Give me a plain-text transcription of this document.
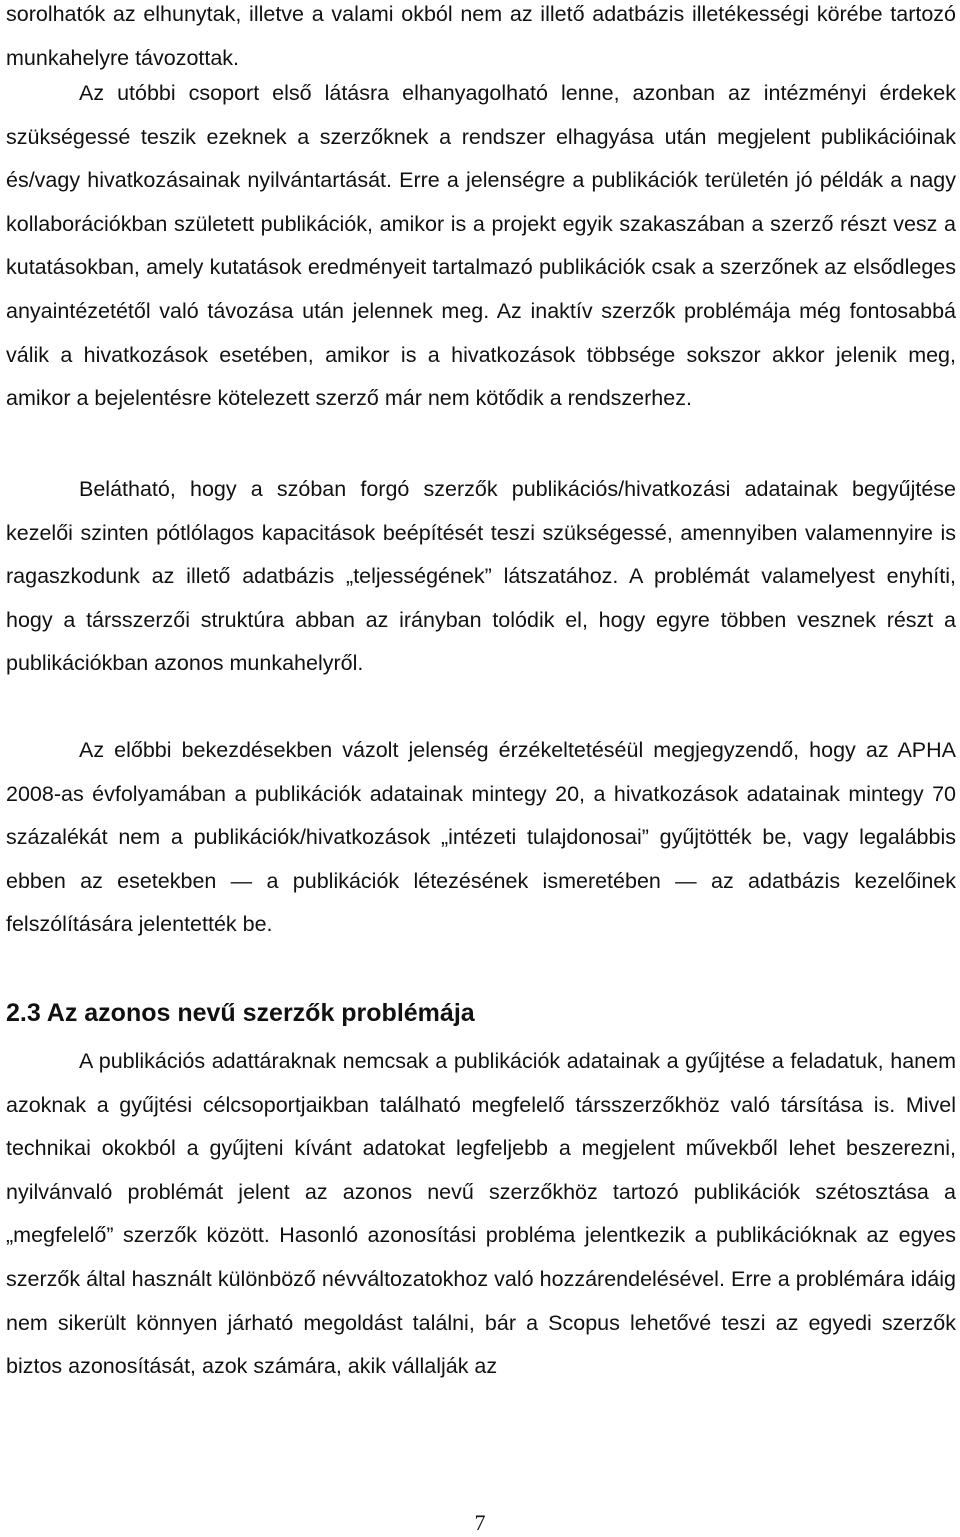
sorolhatók az elhunytak, illetve a valami okból nem az illető adatbázis illetékességi körébe tartozó munkahelyre távozottak.

Az utóbbi csoport első látásra elhanyagolható lenne, azonban az intézményi érdekek szükségessé teszik ezeknek a szerzőknek a rendszer elhagyása után megjelent publikációinak és/vagy hivatkozásainak nyilvántartását. Erre a jelenségre a publikációk területén jó példák a nagy kollaborációkban született publikációk, amikor is a projekt egyik szakaszában a szerző részt vesz a kutatásokban, amely kutatások eredményeit tartalmazó publikációk csak a szerzőnek az elsődleges anyaintézetétől való távozása után jelennek meg. Az inaktív szerzők problémája még fontosabbá válik a hivatkozások esetében, amikor is a hivatkozások többsége sokszor akkor jelenik meg, amikor a bejelentésre kötelezett szerző már nem kötődik a rendszerhez.

Belátható, hogy a szóban forgó szerzők publikációs/hivatkozási adatainak begyűjtése kezelői szinten pótlólagos kapacitások beépítését teszi szükségessé, amennyiben valamennyire is ragaszkodunk az illető adatbázis „teljességének” látszatához. A problémát valamelyest enyhíti, hogy a társszerzői struktúra abban az irányban tolódik el, hogy egyre többen vesznek részt a publikációkban azonos munkahelyről.

Az előbbi bekezdésekben vázolt jelenség érzékeltetéséül megjegyzendő, hogy az APHA 2008-as évfolyamában a publikációk adatainak mintegy 20, a hivatkozások adatainak mintegy 70 százalékát nem a publikációk/hivatkozások „intézeti tulajdonosai” gyűjtötték be, vagy legalábbis ebben az esetekben — a publikációk létezésének ismeretében — az adatbázis kezelőinek felszólítására jelentették be.

2.3 Az azonos nevű szerzők problémája

A publikációs adattáraknak nemcsak a publikációk adatainak a gyűjtése a feladatuk, hanem azoknak a gyűjtési célcsoportjaikban található megfelelő társszerzőkhöz való társítása is. Mivel technikai okokból a gyűjteni kívánt adatokat legfeljebb a megjelent művekből lehet beszerezni, nyilvánvaló problémát jelent az azonos nevű szerzőkhöz tartozó publikációk szétosztása a „megfelelő” szerzők között. Hasonló azonosítási probléma jelentkezik a publikációknak az egyes szerzők által használt különböző névváltozatokhoz való hozzárendelésével. Erre a problémára idáig nem sikerült könnyen járható megoldást találni, bár a Scopus lehetővé teszi az egyedi szerzők biztos azonosítását, azok számára, akik vállalják az

7
